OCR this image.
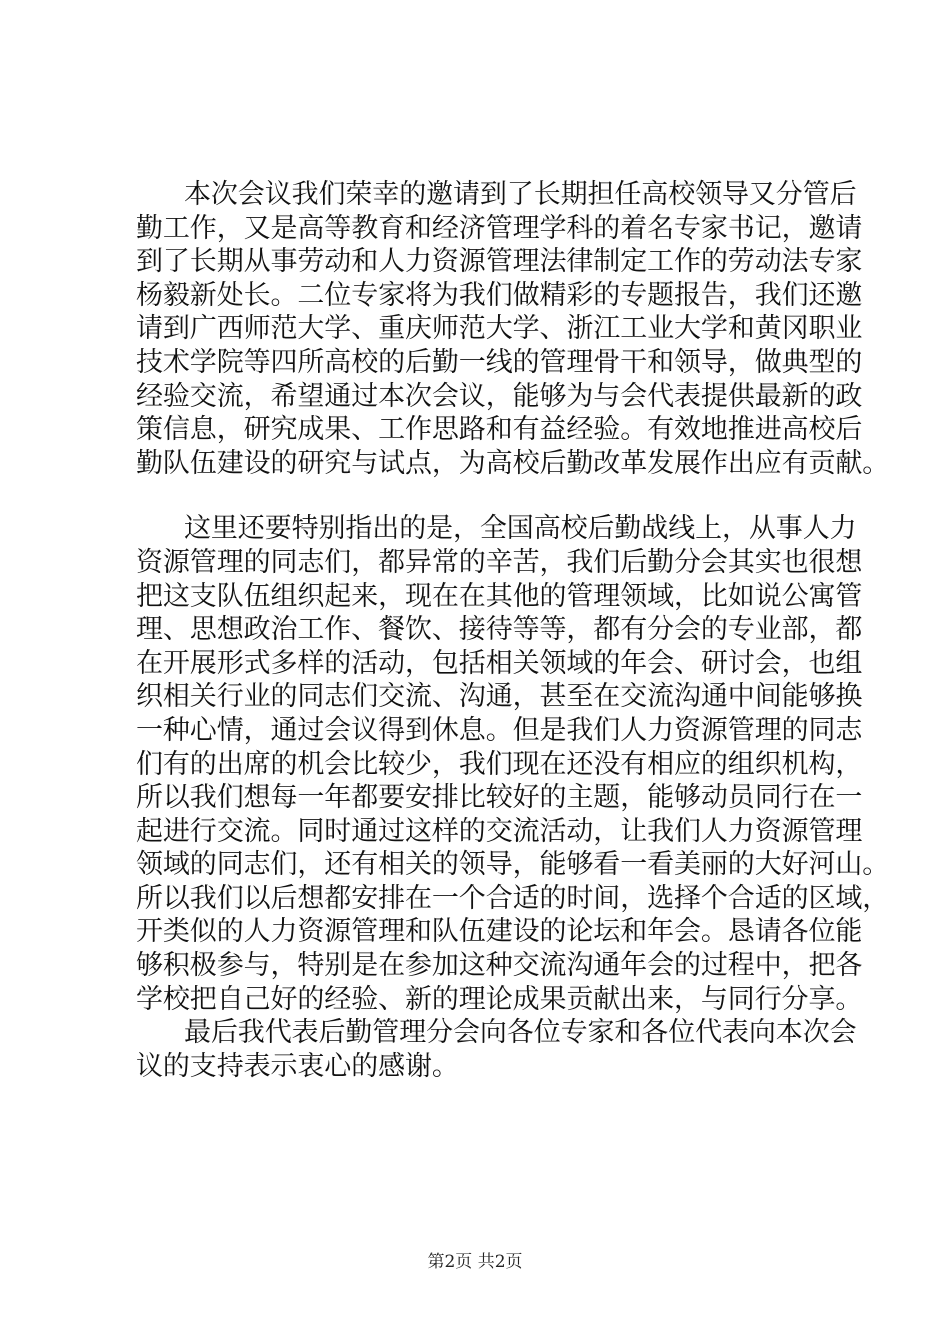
本次会议我们荣幸的邀请到了长期担任高校领导又分管后
勤工作，又是高等教育和经济管理学科的着名专家书记，邀请
到了长期从事劳动和人力资源管理法律制定工作的劳动法专家
杨毅新处长。二位专家将为我们做精彩的专题报告，我们还邀
请到广西师范大学、重庆师范大学、浙江工业大学和黄冈职业
技术学院等四所高校的后勤一线的管理骨干和领导，做典型的
经验交流，希望通过本次会议，能够为与会代表提供最新的政
策信息，研究成果、工作思路和有益经验。有效地推进高校后
勤队伍建设的研究与试点，为高校后勤改革发展作出应有贡献。
这里还要特别指出的是，全国高校后勤战线上，从事人力
资源管理的同志们，都异常的辛苦，我们后勤分会其实也很想
把这支队伍组织起来，现在在其他的管理领域，比如说公寓管
理、思想政治工作、餐饮、接待等等，都有分会的专业部，都
在开展形式多样的活动，包括相关领域的年会、研讨会，也组
织相关行业的同志们交流、沟通，甚至在交流沟通中间能够换
一种心情，通过会议得到休息。但是我们人力资源管理的同志
们有的出席的机会比较少，我们现在还没有相应的组织机构，
所以我们想每一年都要安排比较好的主题，能够动员同行在一
起进行交流。同时通过这样的交流活动，让我们人力资源管理
领域的同志们，还有相关的领导，能够看一看美丽的大好河山。
所以我们以后想都安排在一个合适的时间，选择个合适的区域，
开类似的人力资源管理和队伍建设的论坛和年会。恳请各位能
够积极参与，特别是在参加这种交流沟通年会的过程中，把各
学校把自己好的经验、新的理论成果贡献出来，与同行分享。
最后我代表后勤管理分会向各位专家和各位代表向本次会
议的支持表示衷心的感谢。
第2页 共2页
